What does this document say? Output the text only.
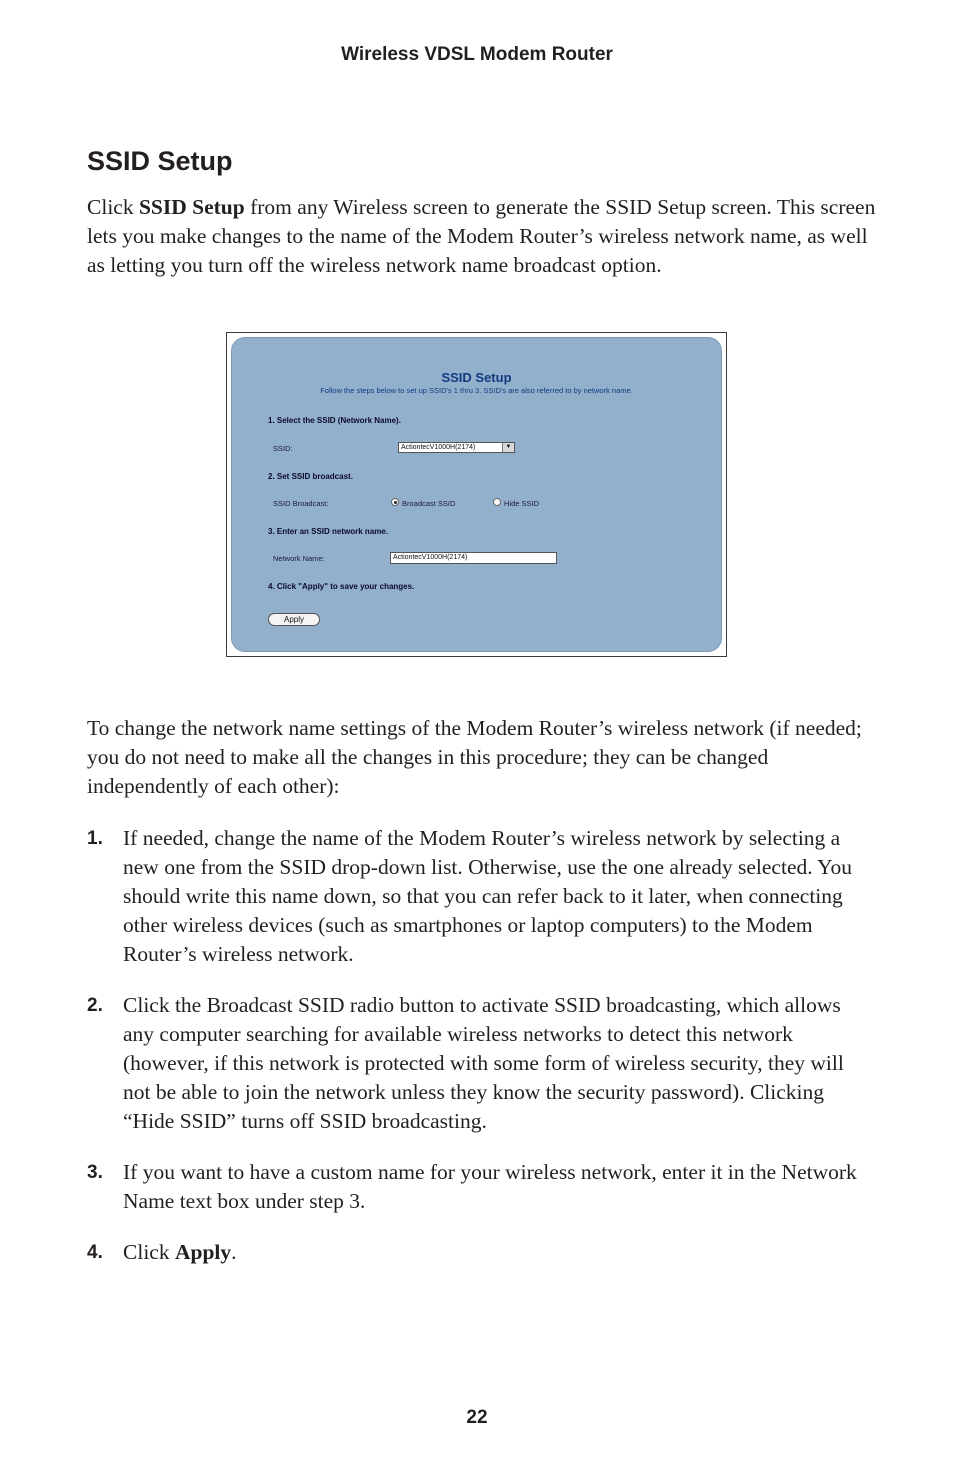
Wireless VDSL Modem Router
SSID Setup

Click SSID Setup from any Wireless screen to generate the SSID Setup screen. This screen lets you make changes to the name of the Modem Router’s wireless network name, as well as letting you turn off the wireless network name broadcast option.

SSID Setup
Follow the steps below to set up SSID's 1 thru 3. SSID's are also referred to by network name.
1. Select the SSID (Network Name).
SSID:	ActiontecV1000H(2174)	▼
2. Set SSID broadcast.
SSID Broadcast:	Broadcast SSID	Hide SSID
3. Enter an SSID network name.
Network Name:	ActiontecV1000H(2174)
4. Click "Apply" to save your changes.
Apply

To change the network name settings of the Modem Router’s wireless network (if needed; you do not need to make all the changes in this procedure; they can be changed independently of each other):

1. If needed, change the name of the Modem Router’s wireless network by selecting a new one from the SSID drop-down list. Otherwise, use the one already selected. You should write this name down, so that you can refer back to it later, when connecting other wireless devices (such as smartphones or laptop computers) to the Modem Router’s wireless network.
2. Click the Broadcast SSID radio button to activate SSID broadcasting, which allows any computer searching for available wireless networks to detect this network (however, if this network is protected with some form of wireless security, they will not be able to join the network unless they know the security password). Clicking “Hide SSID” turns off SSID broadcasting.
3. If you want to have a custom name for your wireless network, enter it in the Network Name text box under step 3.
4. Click Apply.
22
